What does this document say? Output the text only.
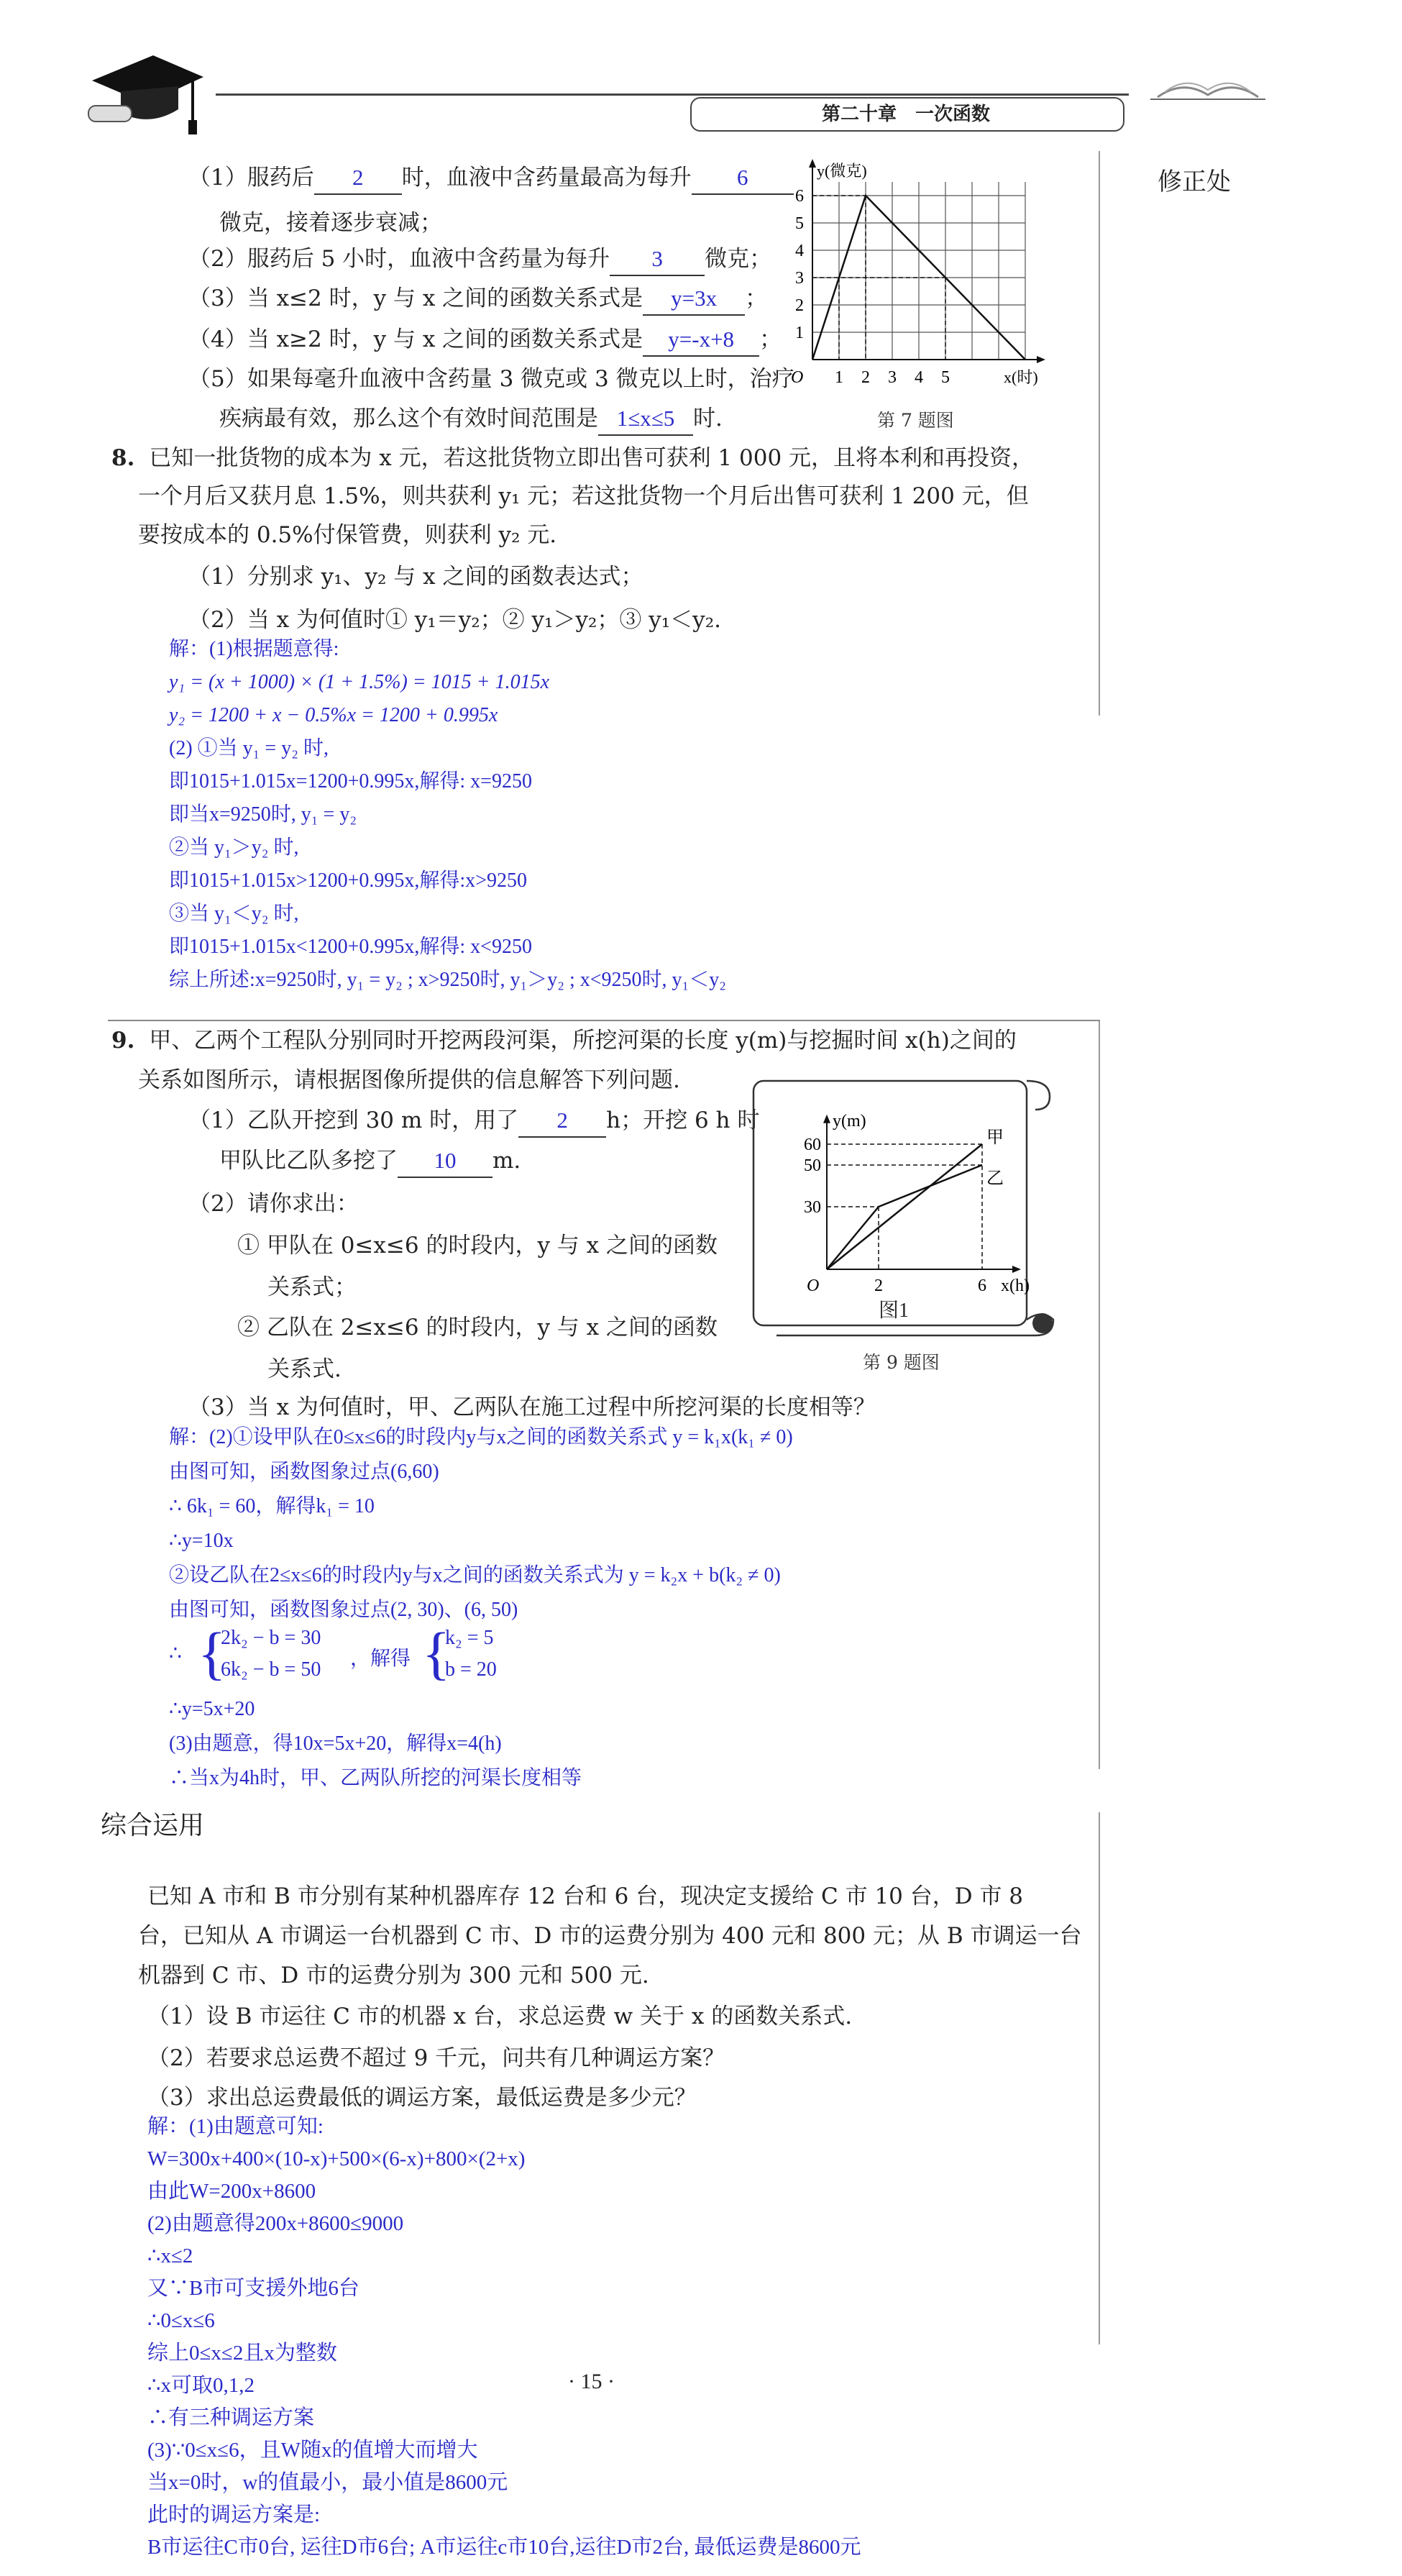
第二十章　一次函数
修正处
（1）服药后 2 时，血液中含药量最高为每升 6
微克，接着逐步衰减；
（2）服药后 5 小时，血液中含药量为每升 3 微克；
（3）当 x≤2 时，y 与 x 之间的函数关系式是 y=3x ；
（4）当 x≥2 时，y 与 x 之间的函数关系式是 y=-x+8 ；
（5）如果每毫升血液中含药量 3 微克或 3 微克以上时，治疗
疾病最有效，那么这个有效时间范围是 1≤x≤5 时.
1 2 3 4 5
1
2
3
4
5
6
O
y(微克)
x(时)
第 7 题图
8. 已知一批货物的成本为 x 元，若这批货物立即出售可获利 1 000 元，且将本利和再投资，
一个月后又获月息 1.5%，则共获利 y₁ 元；若这批货物一个月后出售可获利 1 200 元，但
要按成本的 0.5%付保管费，则获利 y₂ 元.
（1）分别求 y₁、y₂ 与 x 之间的函数表达式；
（2）当 x 为何值时① y₁＝y₂；② y₁＞y₂；③ y₁＜y₂.
解：(1)根据题意得:
y₁ = (x + 1000) × (1 + 1.5%) = 1015 + 1.015x
y₂ = 1200 + x − 0.5%x = 1200 + 0.995x
(2) ①当 y₁ = y₂ 时,
即1015+1.015x=1200+0.995x,解得: x=9250
即当x=9250时, y₁ = y₂
②当 y₁＞y₂ 时,
即1015+1.015x>1200+0.995x,解得:x>9250
③当 y₁＜y₂ 时,
即1015+1.015x<1200+0.995x,解得: x<9250
综上所述:x=9250时, y₁ = y₂ ; x>9250时, y₁＞y₂ ; x<9250时, y₁＜y₂
9. 甲、乙两个工程队分别同时开挖两段河渠，所挖河渠的长度 y(m)与挖掘时间 x(h)之间的
关系如图所示，请根据图像所提供的信息解答下列问题.
（1）乙队开挖到 30 m 时，用了 2 h；开挖 6 h 时
甲队比乙队多挖了 10 m.
（2）请你求出：
① 甲队在 0≤x≤6 的时段内，y 与 x 之间的函数
关系式；
② 乙队在 2≤x≤6 的时段内，y 与 x 之间的函数
关系式.
（3）当 x 为何值时，甲、乙两队在施工过程中所挖河渠的长度相等？
2	6
30
50
60
O
y(m)
x(h)
甲
乙
图1
第 9 题图
解：(2)①设甲队在0≤x≤6的时段内y与x之间的函数关系式 y = k₁x(k₁ ≠ 0)
由图可知，函数图象过点(6,60)
∴ 6k₁ = 60，解得k₁ = 10
∴y=10x
②设乙队在2≤x≤6的时段内y与x之间的函数关系式为 y = k₂x + b(k₂ ≠ 0)
由图可知，函数图象过点(2, 30)、(6, 50)
∴ {
2k₂ − b = 30
6k₂ − b = 50 ，解得 {
k₂ = 5
b = 20
∴y=5x+20
(3)由题意，得10x=5x+20，解得x=4(h)
∴当x为4h时，甲、乙两队所挖的河渠长度相等
综合运用
已知 A 市和 B 市分别有某种机器库存 12 台和 6 台，现决定支援给 C 市 10 台，D 市 8
台，已知从 A 市调运一台机器到 C 市、D 市的运费分别为 400 元和 800 元；从 B 市调运一台
机器到 C 市、D 市的运费分别为 300 元和 500 元.
（1）设 B 市运往 C 市的机器 x 台，求总运费 w 关于 x 的函数关系式.
（2）若要求总运费不超过 9 千元，问共有几种调运方案？
（3）求出总运费最低的调运方案，最低运费是多少元？
解：(1)由题意可知:
W=300x+400×(10-x)+500×(6-x)+800×(2+x)
由此W=200x+8600
(2)由题意得200x+8600≤9000
∴x≤2
又∵B市可支援外地6台
∴0≤x≤6
综上0≤x≤2且x为整数
∴x可取0,1,2
∴有三种调运方案
(3)∵0≤x≤6，且W随x的值增大而增大
当x=0时，w的值最小，最小值是8600元
此时的调运方案是:
B市运往C市0台, 运往D市6台; A市运往c市10台,运往D市2台, 最低运费是8600元
· 15 ·
